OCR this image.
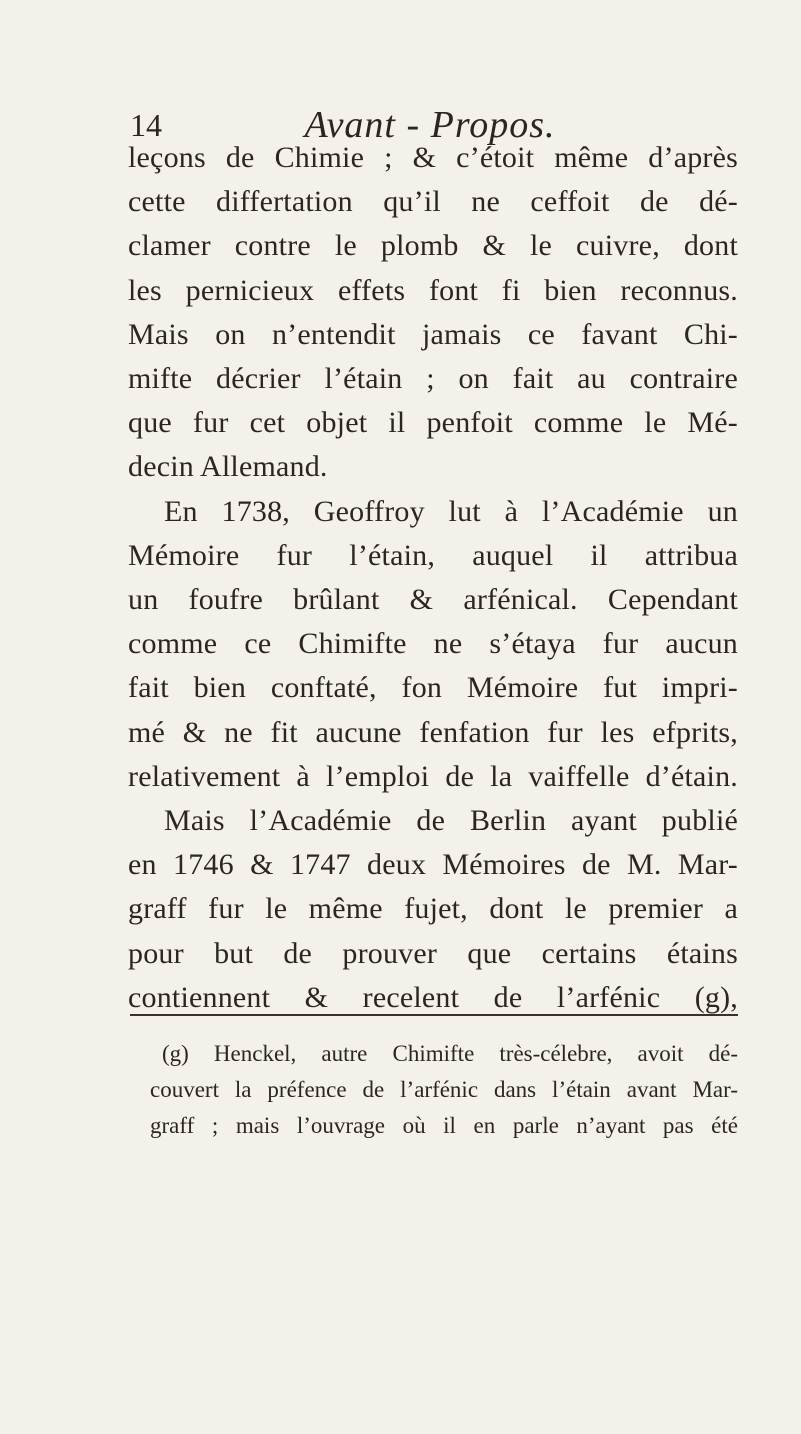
14	Avant - Propos.
leçons de Chimie ; & c’étoit même d’après
cette differtation qu’il ne ceffoit de dé-
clamer contre le plomb & le cuivre, dont
les pernicieux effets font fi bien reconnus.
Mais on n’entendit jamais ce favant Chi-
mifte décrier l’étain ; on fait au contraire
que fur cet objet il penfoit comme le Mé-
decin Allemand.
En 1738, Geoffroy lut à l’Académie un
Mémoire fur l’étain, auquel il attribua
un foufre brûlant & arfénical. Cependant
comme ce Chimifte ne s’étaya fur aucun
fait bien conftaté, fon Mémoire fut impri-
mé & ne fit aucune fenfation fur les efprits,
relativement à l’emploi de la vaiffelle d’étain.
Mais l’Académie de Berlin ayant publié
en 1746 & 1747 deux Mémoires de M. Mar-
graff fur le même fujet, dont le premier a
pour but de prouver que certains étains
contiennent & recelent de l’arfénic (g),
(g) Henckel, autre Chimifte très-célebre, avoit dé-
couvert la préfence de l’arfénic dans l’étain avant Mar-
graff ; mais l’ouvrage où il en parle n’ayant pas été
